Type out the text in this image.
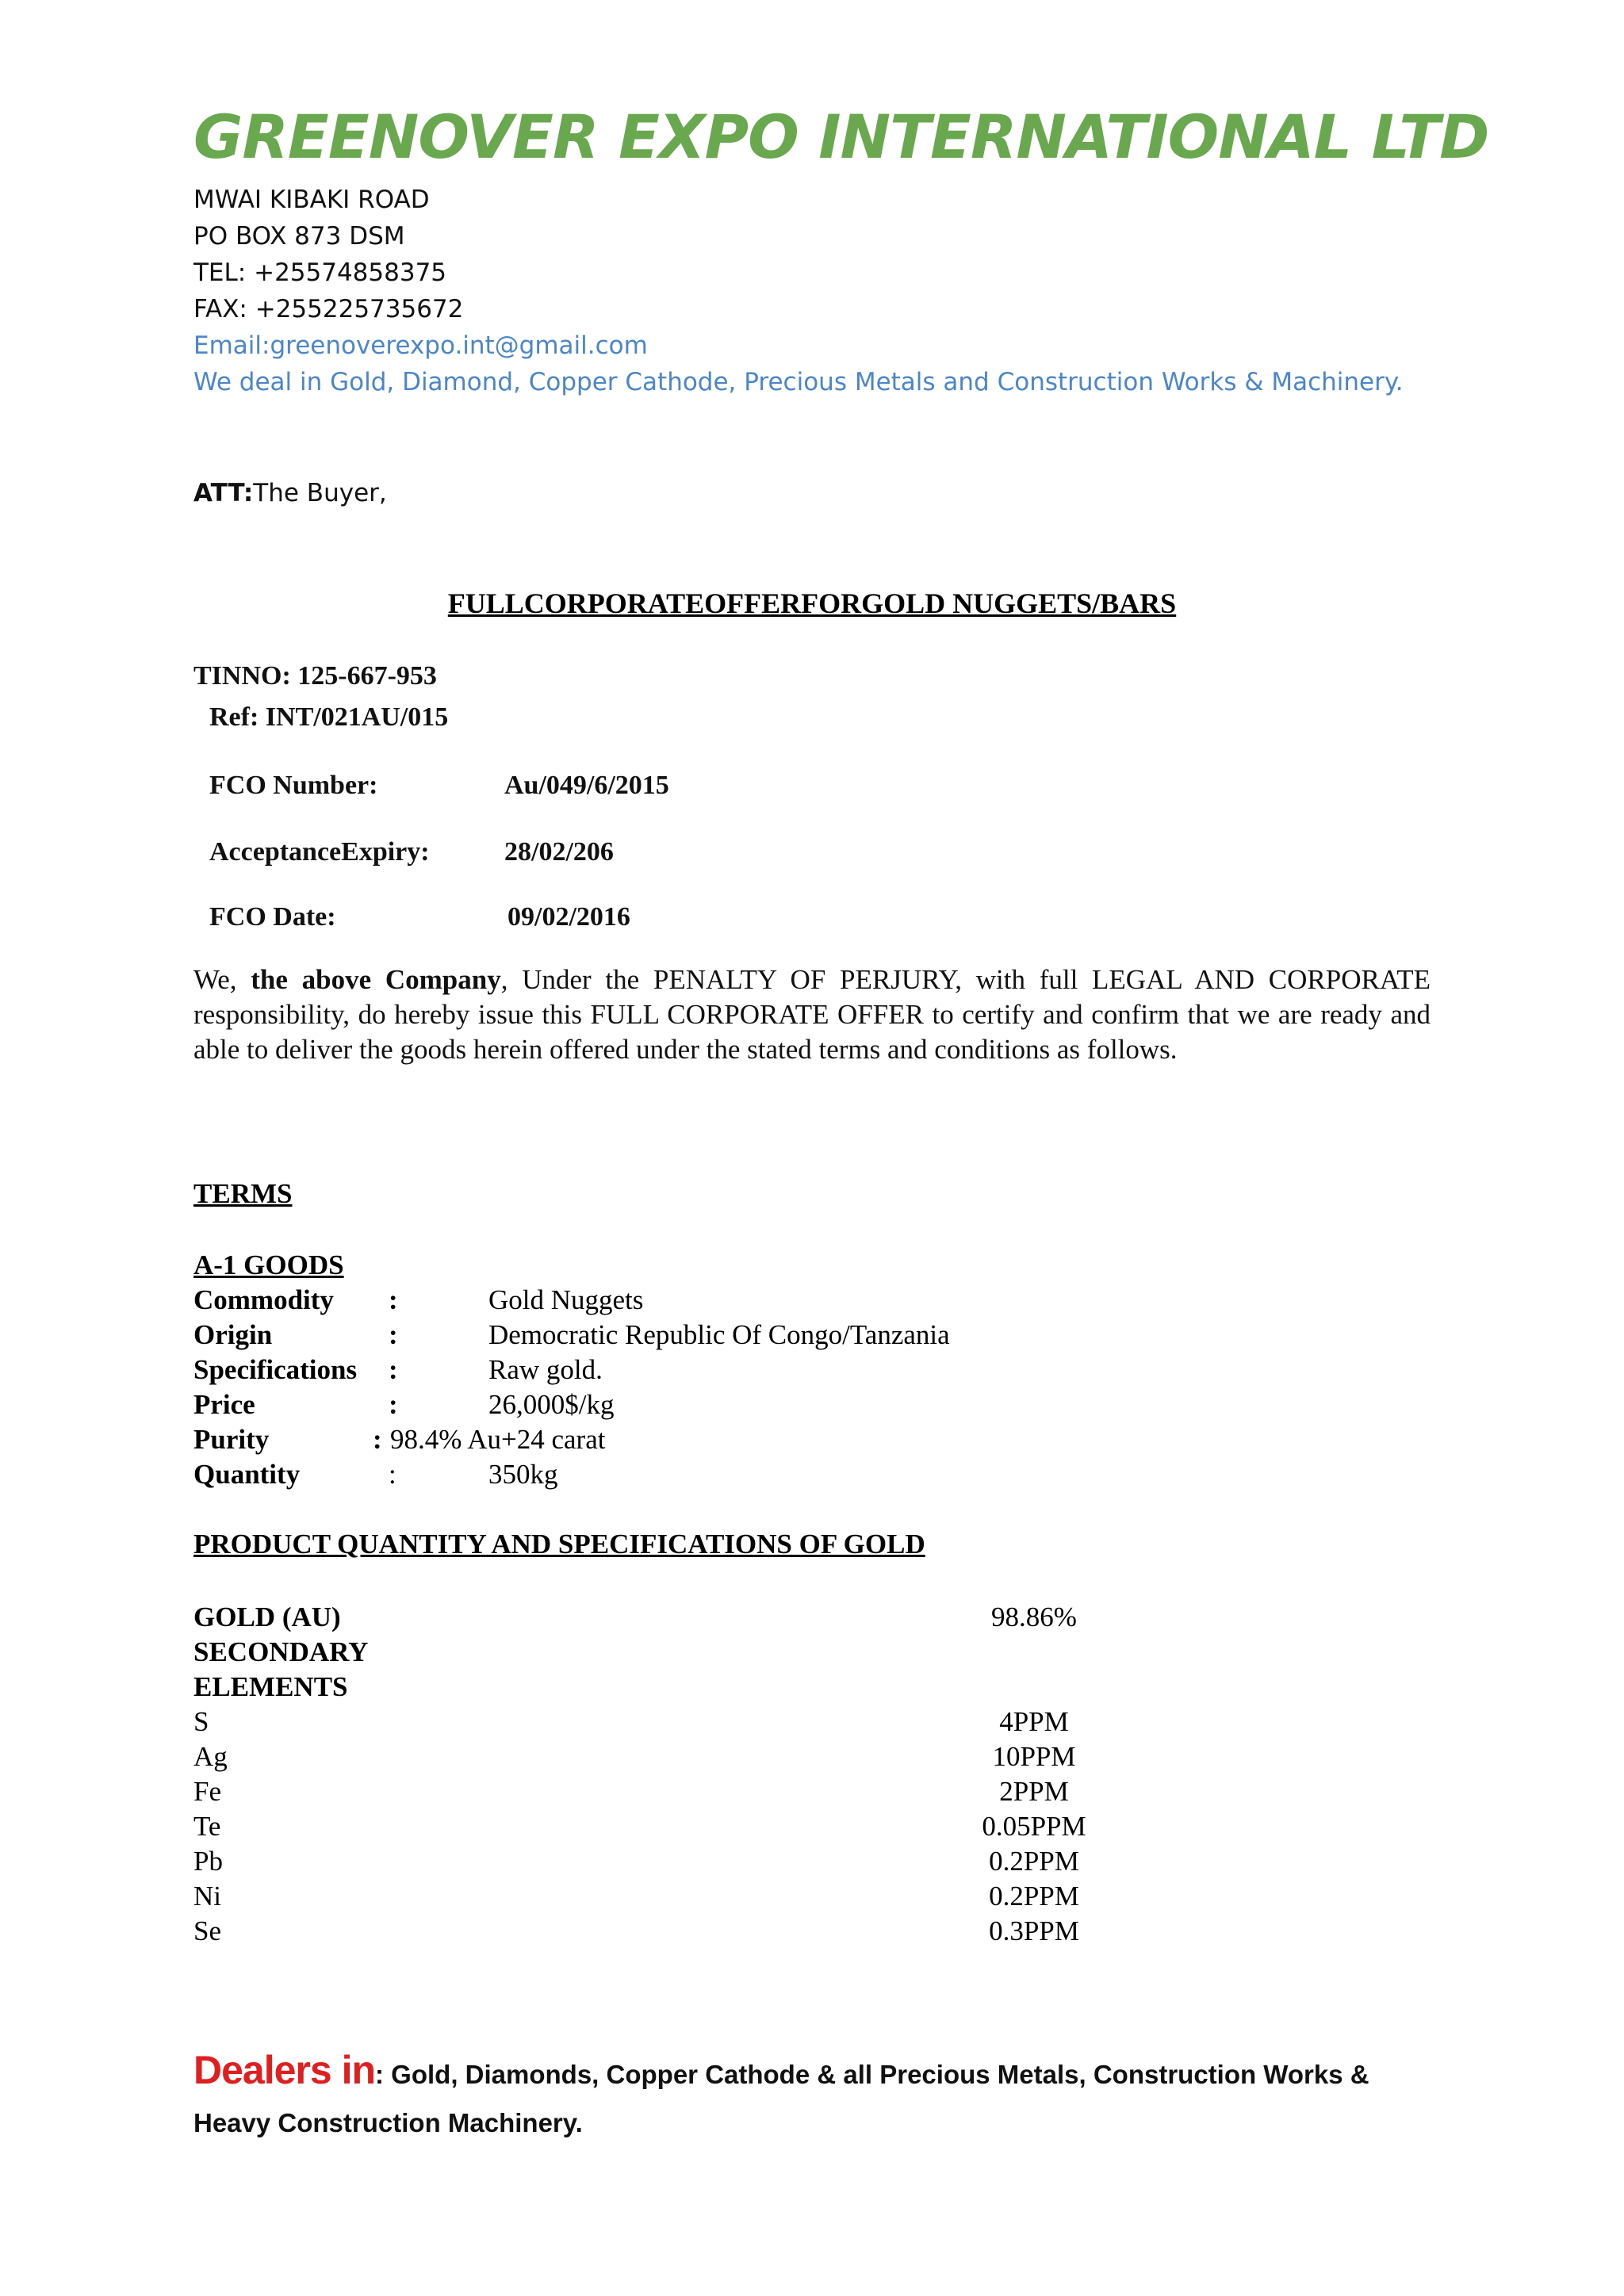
GREENOVER EXPO INTERNATIONAL LTD
MWAI KIBAKI ROAD
PO BOX 873 DSM
TEL: +25574858375
FAX: +255225735672
Email:greenoverexpo.int@gmail.com
We deal in Gold, Diamond, Copper Cathode, Precious Metals and Construction Works & Machinery.
ATT:The Buyer,
FULLCORPORATEOFFERFORGOLD NUGGETS/BARS
TINNO: 125-667-953
Ref: INT/021AU/015
FCO Number:	Au/049/6/2015
AcceptanceExpiry:	28/02/206
FCO Date:	09/02/2016
We, the above Company, Under the PENALTY OF PERJURY, with full LEGAL AND CORPORATE responsibility, do hereby issue this FULL CORPORATE OFFER to certify and confirm that we are ready and able to deliver the goods herein offered under the stated terms and conditions as follows.
TERMS
A-1 GOODS
Commodity :	Gold Nuggets
Origin	:	Democratic Republic Of Congo/Tanzania
Specifications :	Raw gold.
Price	:	26,000$/kg
Purity	: 98.4% Au+24 carat
Quantity	:	350kg
PRODUCT QUANTITY AND SPECIFICATIONS OF GOLD
GOLD (AU)	98.86%
SECONDARY
ELEMENTS
S	4PPM
Ag	10PPM
Fe	2PPM
Te	0.05PPM
Pb	0.2PPM
Ni	0.2PPM
Se	0.3PPM
Dealers in: Gold, Diamonds, Copper Cathode & all Precious Metals, Construction Works & Heavy Construction Machinery.
